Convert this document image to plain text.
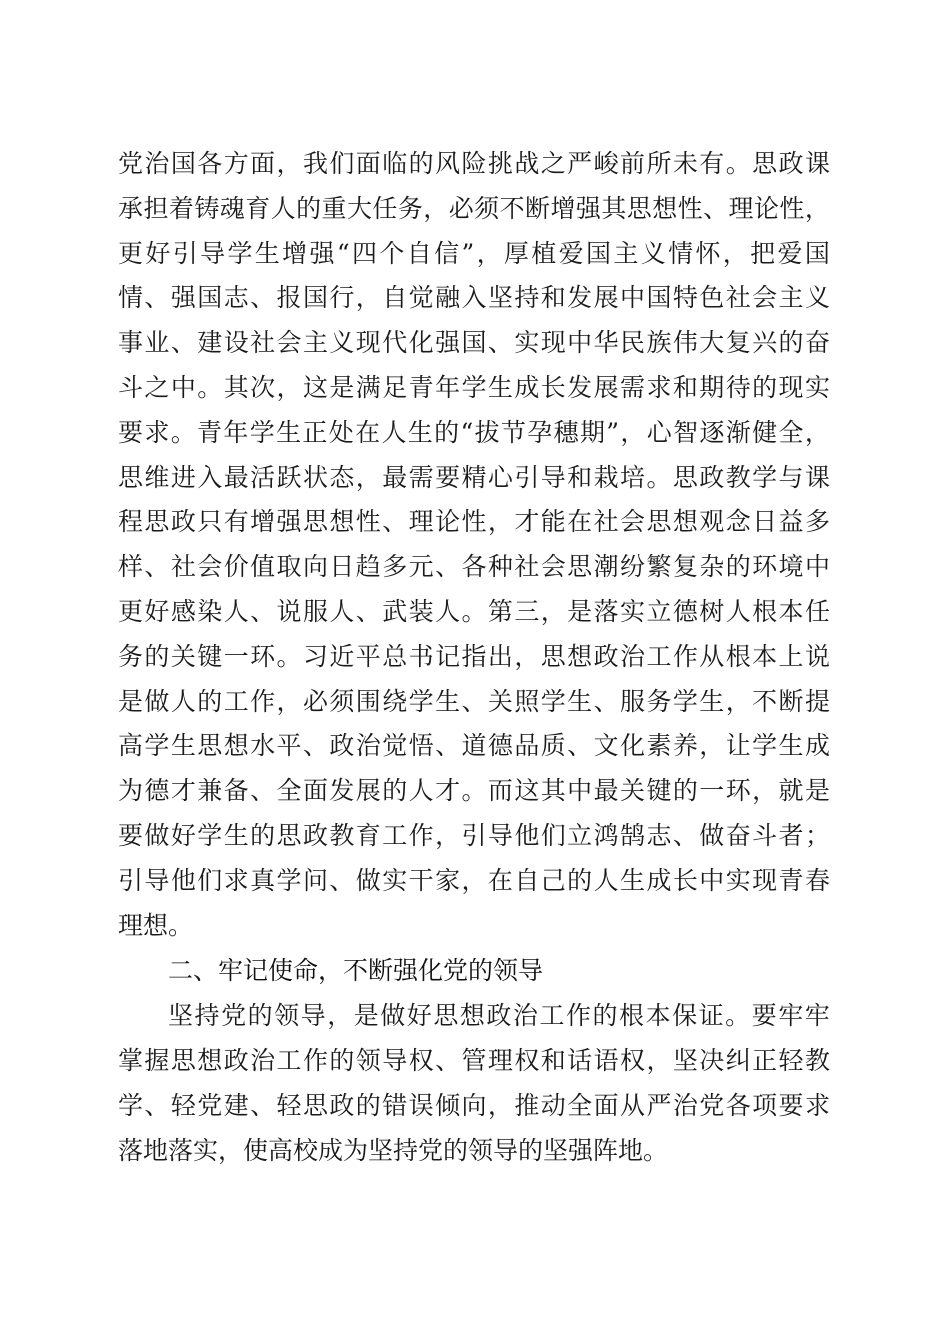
党 治 国 各 方 面 ， 我 们 面 临 的 风 险 挑 战 之 严 峻 前 所 未 有 。 思 政 课
承 担 着 铸 魂 育 人 的 重 大 任 务 ， 必 须 不 断 增 强 其 思 想 性 、 理 论 性 ，
更 好 引 导 学 生 增 强 “ 四 个 自 信 ” ， 厚 植 爱 国 主 义 情 怀 ， 把 爱 国
情 、 强 国 志 、 报 国 行 ， 自 觉 融 入 坚 持 和 发 展 中 国 特 色 社 会 主 义
事 业 、 建 设 社 会 主 义 现 代 化 强 国 、 实 现 中 华 民 族 伟 大 复 兴 的 奋
斗 之 中 。 其 次 ， 这 是 满 足 青 年 学 生 成 长 发 展 需 求 和 期 待 的 现 实
要 求 。 青 年 学 生 正 处 在 人 生 的 “ 拔 节 孕 穗 期 ” ， 心 智 逐 渐 健 全 ，
思 维 进 入 最 活 跃 状 态 ， 最 需 要 精 心 引 导 和 栽 培 。 思 政 教 学 与 课
程 思 政 只 有 增 强 思 想 性 、 理 论 性 ， 才 能 在 社 会 思 想 观 念 日 益 多
样 、 社 会 价 值 取 向 日 趋 多 元 、 各 种 社 会 思 潮 纷 繁 复 杂 的 环 境 中
更 好 感 染 人 、 说 服 人 、 武 装 人 。 第 三 ， 是 落 实 立 德 树 人 根 本 任
务 的 关 键 一 环 。 习 近 平 总 书 记 指 出 ， 思 想 政 治 工 作 从 根 本 上 说
是 做 人 的 工 作 ， 必 须 围 绕 学 生 、 关 照 学 生 、 服 务 学 生 ， 不 断 提
高 学 生 思 想 水 平 、 政 治 觉 悟 、 道 德 品 质 、 文 化 素 养 ， 让 学 生 成
为 德 才 兼 备 、 全 面 发 展 的 人 才 。 而 这 其 中 最 关 键 的 一 环 ， 就 是
要 做 好 学 生 的 思 政 教 育 工 作 ， 引 导 他 们 立 鸿 鹄 志 、 做 奋 斗 者 ；
引 导 他 们 求 真 学 问 、 做 实 干 家 ， 在 自 己 的 人 生 成 长 中 实 现 青 春
理想。
二、牢记使命，不断强化党的领导
坚 持 党 的 领 导 ， 是 做 好 思 想 政 治 工 作 的 根 本 保 证 。 要 牢 牢
掌 握 思 想 政 治 工 作 的 领 导 权 、 管 理 权 和 话 语 权 ， 坚 决 纠 正 轻 教
学 、 轻 党 建 、 轻 思 政 的 错 误 倾 向 ， 推 动 全 面 从 严 治 党 各 项 要 求
落地落实，使高校成为坚持党的领导的坚强阵地。
